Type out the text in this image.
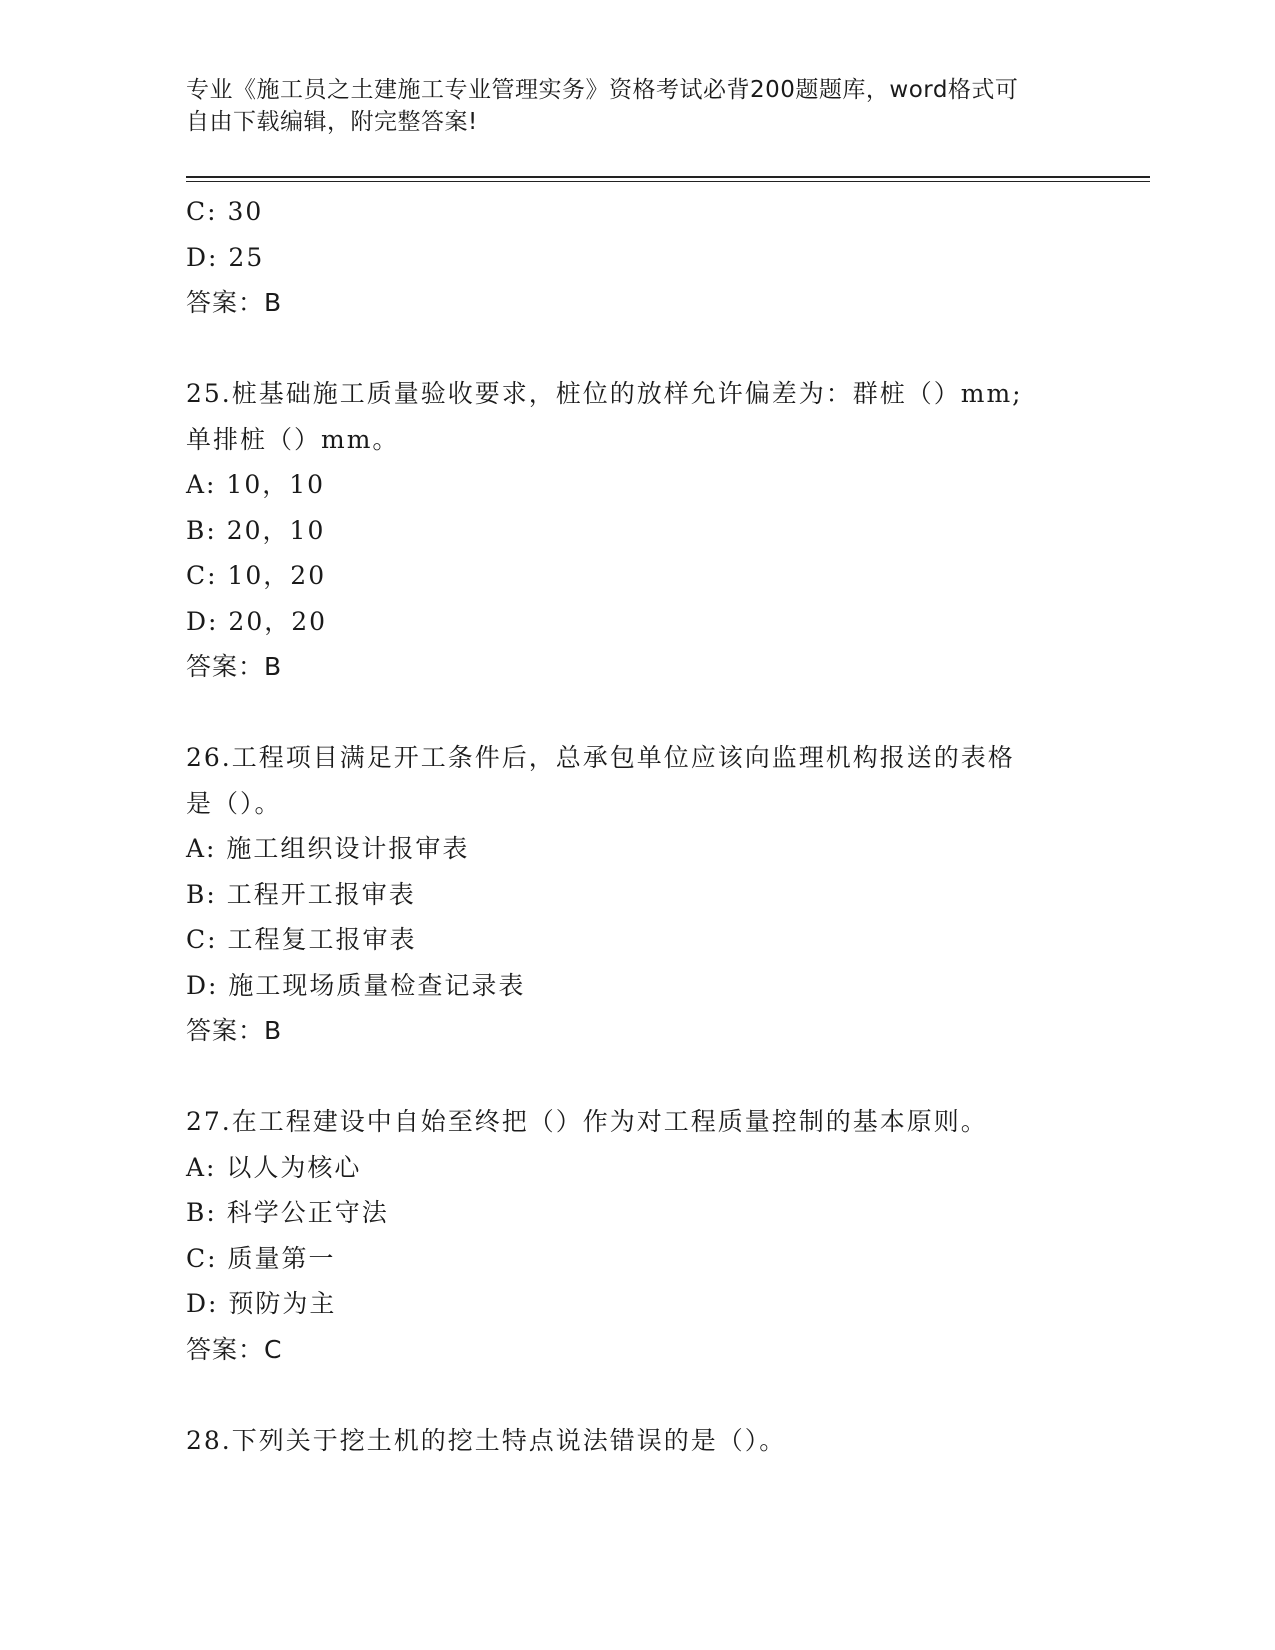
专业《施工员之土建施工专业管理实务》资格考试必背200题题库，word格式可
自由下载编辑，附完整答案!
C: 30
D: 25
答案：B
25.桩基础施工质量验收要求，桩位的放样允许偏差为：群桩（）mm;
单排桩（）mm。
A: 10，10
B: 20，10
C: 10，20
D: 20，20
答案：B
26.工程项目满足开工条件后，总承包单位应该向监理机构报送的表格
是（）。
A: 施工组织设计报审表
B: 工程开工报审表
C: 工程复工报审表
D: 施工现场质量检查记录表
答案：B
27.在工程建设中自始至终把（）作为对工程质量控制的基本原则。
A: 以人为核心
B: 科学公正守法
C: 质量第一
D: 预防为主
答案：C
28.下列关于挖土机的挖土特点说法错误的是（）。
